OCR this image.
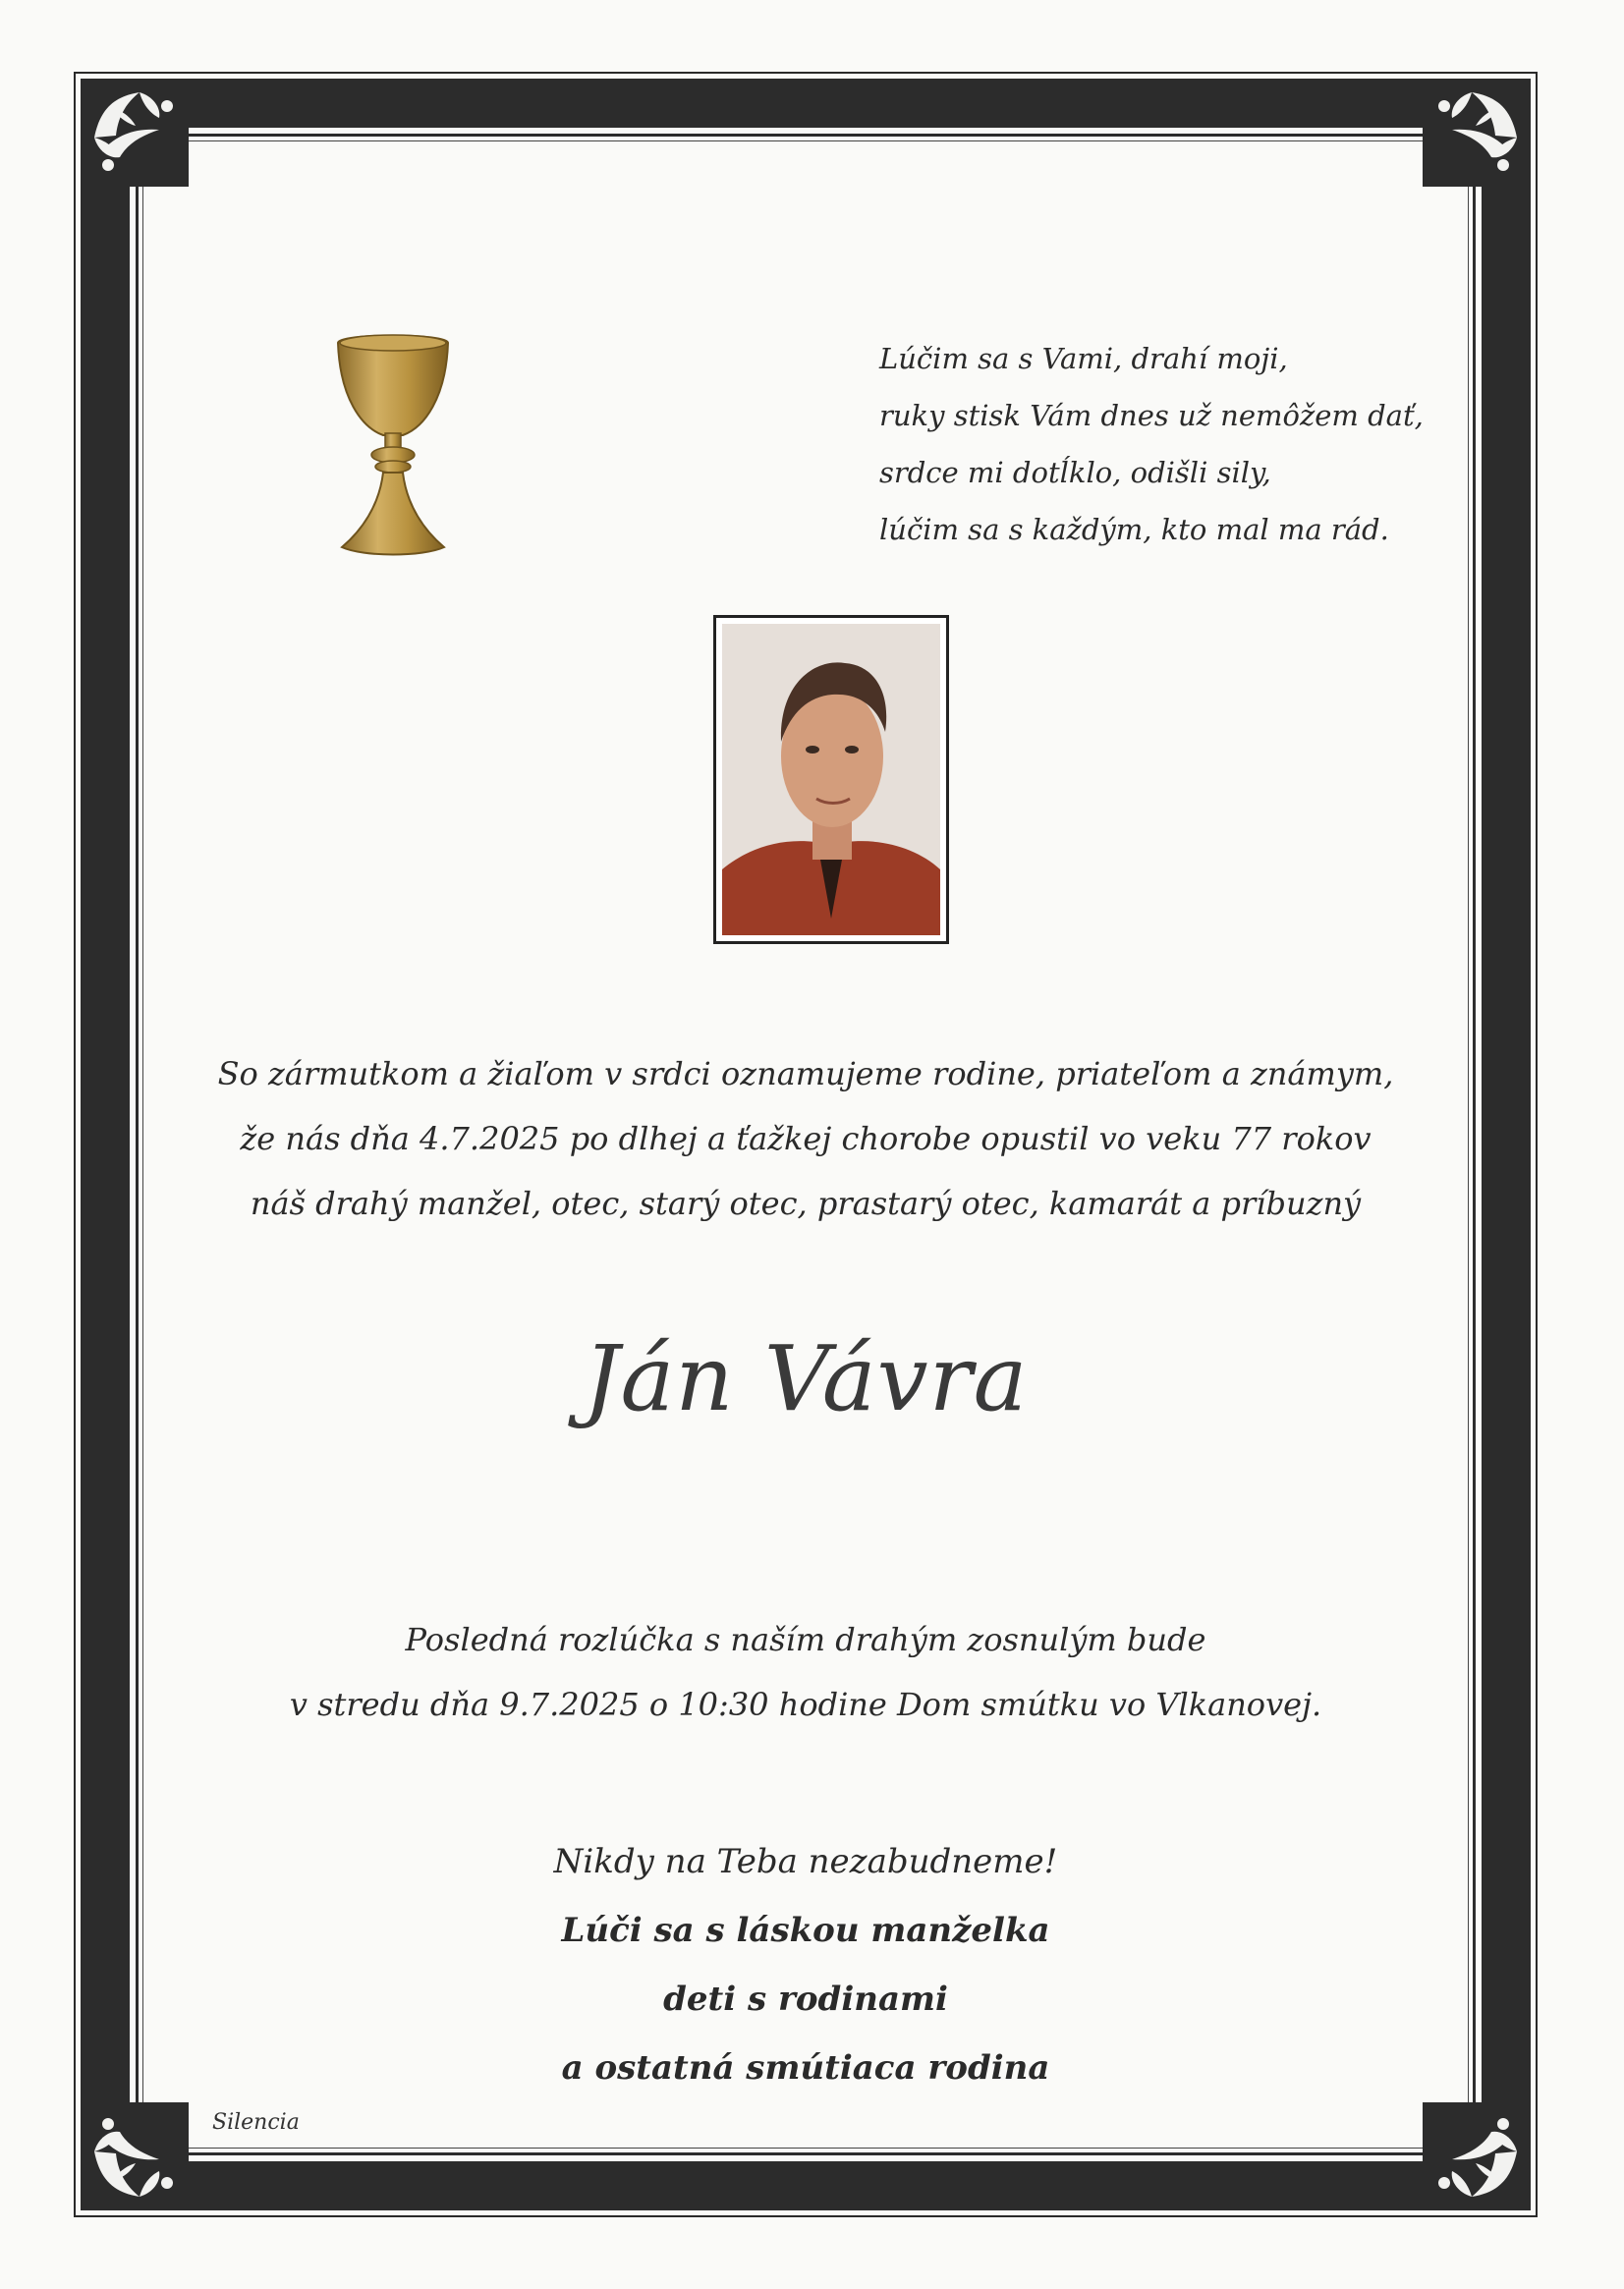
Lúčim sa s Vami, drahí moji,
ruky stisk Vám dnes už nemôžem dať,
srdce mi dotĺklo, odišli sily,
lúčim sa s každým, kto mal ma rád.
So zármutkom a žiaľom v srdci oznamujeme rodine, priateľom a známym,
že nás dňa 4.7.2025 po dlhej a ťažkej chorobe opustil vo veku 77 rokov
náš drahý manžel, otec, starý otec, prastarý otec, kamarát a príbuzný
Ján Vávra
Posledná rozlúčka s naším drahým zosnulým bude
v stredu dňa 9.7.2025 o 10:30 hodine Dom smútku vo Vlkanovej.
Nikdy na Teba nezabudneme!
Lúči sa s láskou manželka
deti s rodinami
a ostatná smútiaca rodina
Silencia
